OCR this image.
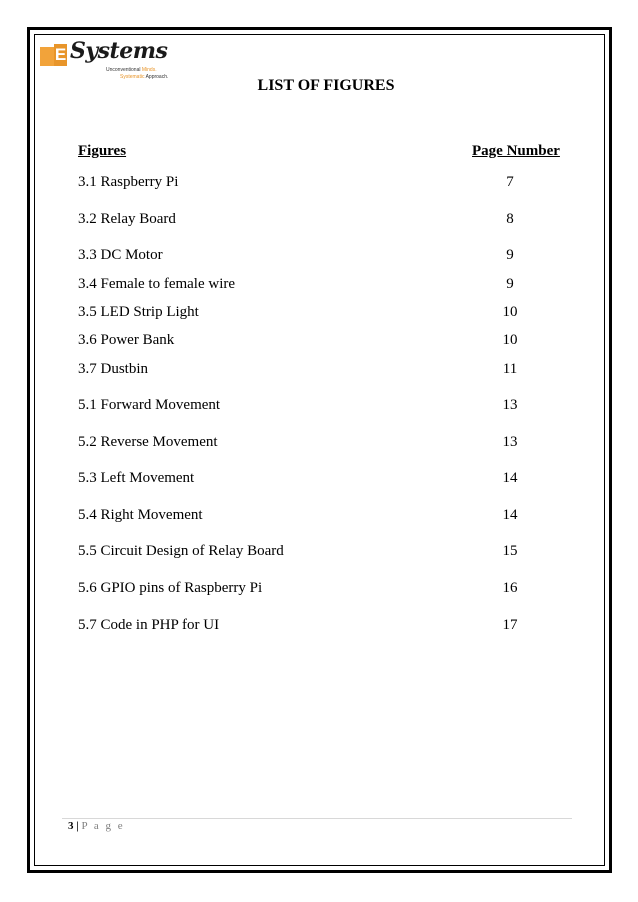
E Systems
Unconventional Minds.
Systematic Approach.	LIST OF FIGURES
Figures	Page Number
3.1 Raspberry Pi	7
3.2 Relay Board	8
3.3 DC Motor	9
3.4 Female to female wire	9
3.5 LED Strip Light	10
3.6 Power Bank	10
3.7 Dustbin	11
5.1 Forward Movement	13
5.2 Reverse Movement	13
5.3 Left Movement	14
5.4 Right Movement	14
5.5 Circuit Design of Relay Board	15
5.6 GPIO pins of Raspberry Pi	16
5.7 Code in PHP for UI	17
3 | P a g e
